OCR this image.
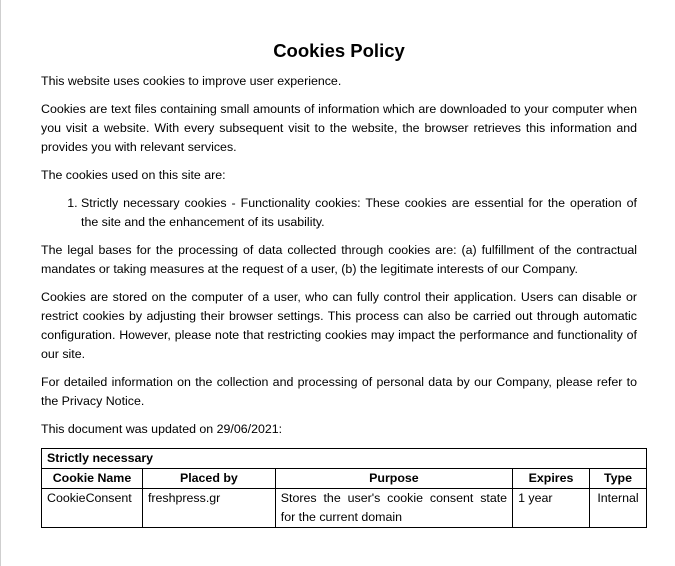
Cookies Policy

This website uses cookies to improve user experience.

Cookies are text files containing small amounts of information which are downloaded to your computer when you visit a website. With every subsequent visit to the website, the browser retrieves this information and provides you with relevant services.

The cookies used on this site are:

1. Strictly necessary cookies - Functionality cookies: These cookies are essential for the operation of the site and the enhancement of its usability.

The legal bases for the processing of data collected through cookies are: (a) fulfillment of the contractual mandates or taking measures at the request of a user, (b) the legitimate interests of our Company.

Cookies are stored on the computer of a user, who can fully control their application. Users can disable or restrict cookies by adjusting their browser settings. This process can also be carried out through automatic configuration. However, please note that restricting cookies may impact the performance and functionality of our site.

For detailed information on the collection and processing of personal data by our Company, please refer to the Privacy Notice.

This document was updated on 29/06/2021:

Strictly necessary				
Cookie Name	Placed by	Purpose	Expires	Type
CookieConsent	freshpress.gr	Stores the user's cookie consent state for the current domain	1 year	Internal
